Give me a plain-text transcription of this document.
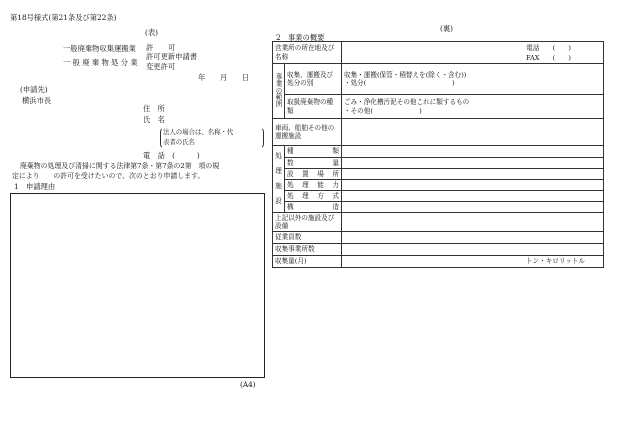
第18号様式(第21条及び第22条)
(表)
一般廃棄物収集運搬業
一 般 廃 棄 物 処 分 業
許　　可
許可更新申請書
変更許可
年　　月　　日
(申請先)
横浜市長
住　所
氏　名
法人の場合は、名称・代
表者の氏名
電　話　(　　　)
廃棄物の処理及び清掃に関する法律第7条・第7条の2第　項の規
定により　　の許可を受けたいので、次のとおり申請します。
1　申請理由
(A4)
(裏)
2　事業の概要
営業所の所在地及び名称		電話　　(　　)
FAX　　(　　)

事業の範囲	収集、運搬及び処分の別	収集・運搬(保管・積替えを(除く・含む))
・処分(　　　　　　　　　　　　　)

	取扱廃棄物の種類	ごみ・浄化槽汚泥その他これに類するもの
・その他(　　　　　　　)

車両、船舶その他の運搬施設		
処理施設	種　　類	
	数　　量	
	設置場所	
	処理能力	
	処理方式	
	構　　造	
上記以外の施設及び設備		
従業員数		
収集事業所数		
収集量(月)		トン・キロリットル
